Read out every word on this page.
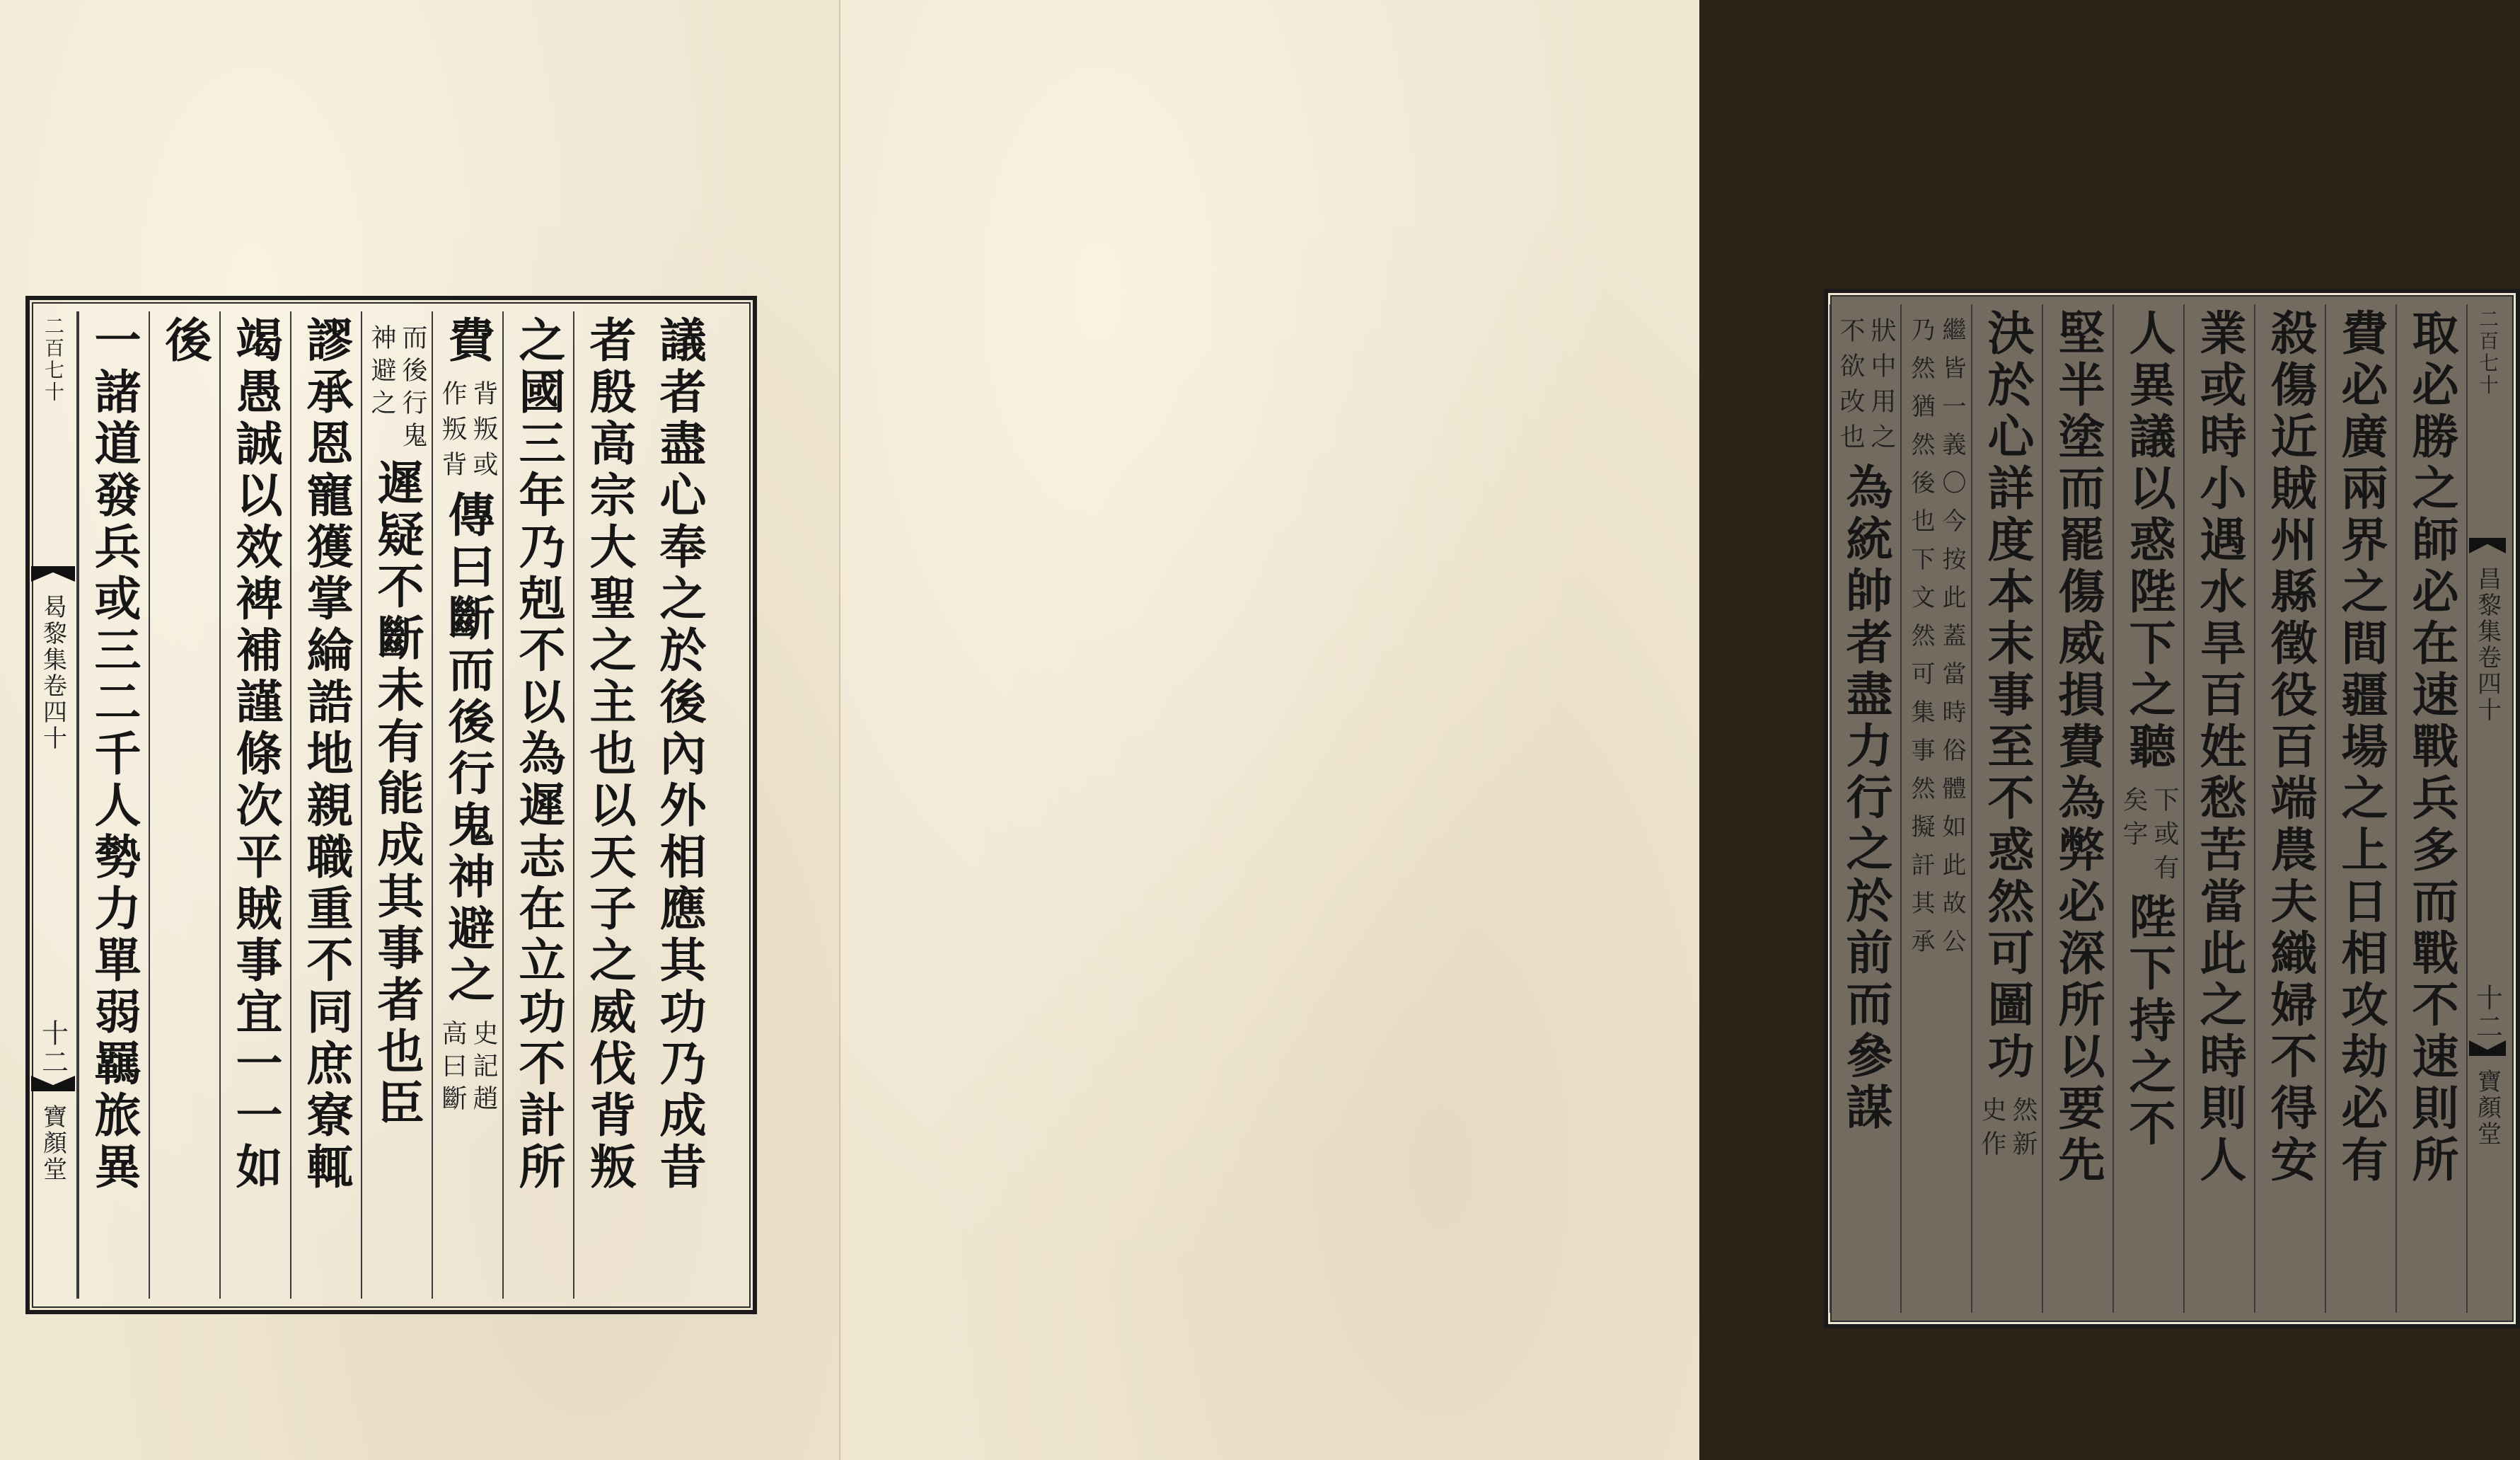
議者盡心奉之於後內外相應其功乃成昔
者殷高宗大聖之主也以天子之威伐背叛
之國三年乃剋不以為遲志在立功不計所
費
背叛或
作叛背
傳曰斷而後行鬼神避之
史記趙
高曰斷
而後行鬼
神避之
遲疑不斷未有能成其事者也臣
謬承恩寵獲掌綸誥地親職重不同庶寮輒
竭愚誠以效裨補謹條次平賊事宜一一如
後
一諸道發兵或三二千人勢力單弱羈旅異
二百七十
曷黎集卷四十
十二
寶顏堂
二百七十
昌黎集卷四十
十二
寶顏堂
取必勝之師必在速戰兵多而戰不速則所
費必廣兩界之間疆場之上日相攻劫必有
殺傷近賊州縣徵役百端農夫織婦不得安
業或時小遇水旱百姓愁苦當此之時則人
人異議以惑陛下之聽
下或有
矣字
陛下持之不
堅半塗而罷傷威損費為弊必深所以要先
決於心詳度本末事至不惑然可圖功
然新
史作
繼皆一義〇今按此蓋當時俗體如此故公
乃然猶然後也下文然可集事然擬訐其承
狀中用之
不欲改也
為統帥者盡力行之於前而參謀
